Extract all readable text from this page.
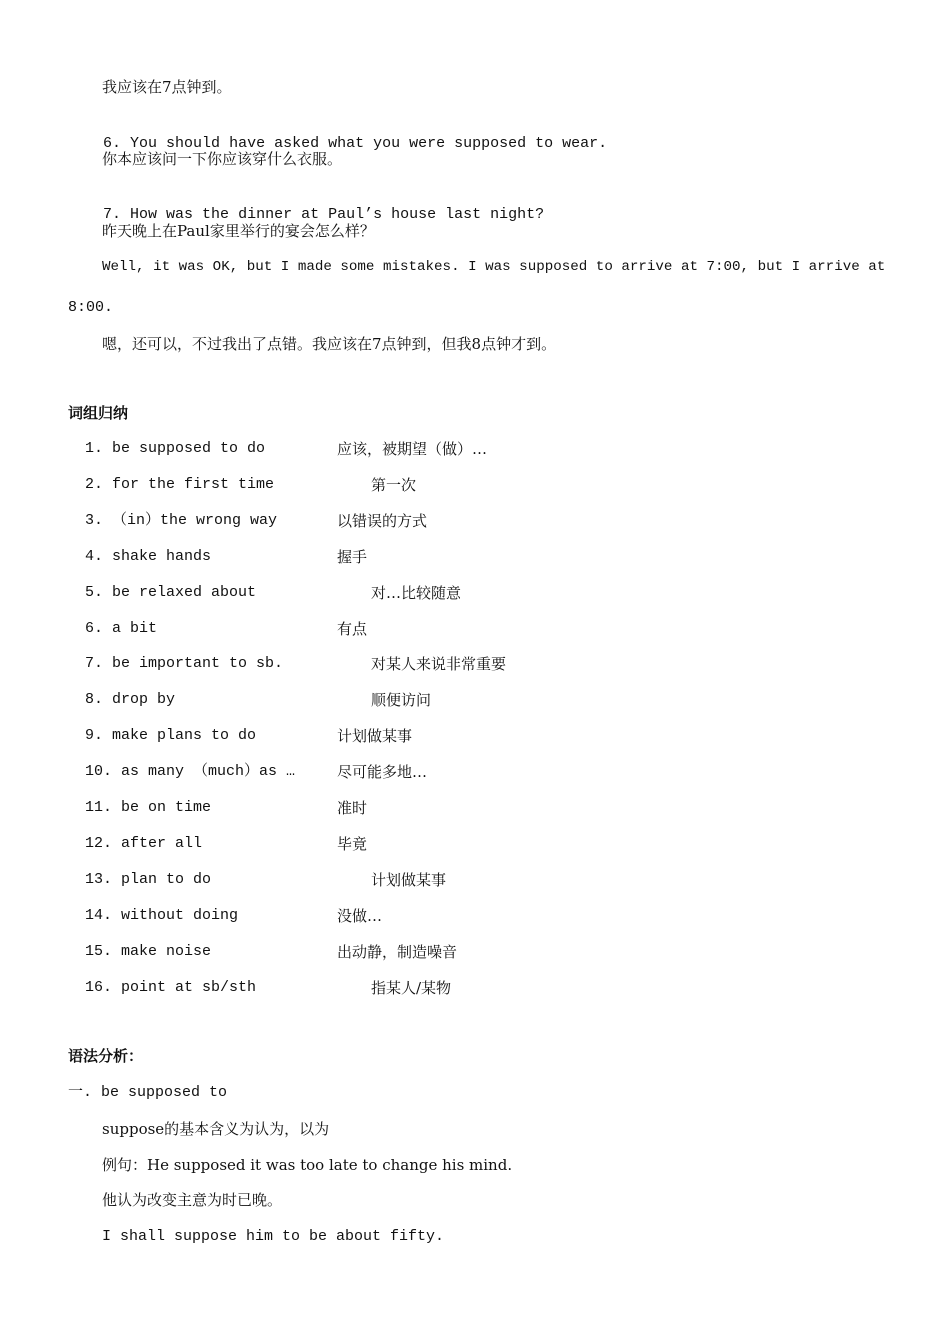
我应该在7点钟到。

6. You should have asked what you were supposed to wear.

你本应该问一下你应该穿什么衣服。

7. How was the dinner at Paul’s house last night?

昨天晚上在Paul家里举行的宴会怎么样？
Well, it was OK, but I made some mistakes. I was supposed to arrive at 7:00, but I arrive at
8:00.
嗯，还可以，不过我出了点错。我应该在7点钟到，但我8点钟才到。
词组归纳
1. be supposed to do	应该，被期望（做）…
2. for the first time	第一次
3. （in）the wrong way	以错误的方式
4. shake hands	握手
5. be relaxed about	对…比较随意
6. a bit	有点
7. be important to sb.	对某人来说非常重要
8. drop by	顺便访问
9. make plans to do	计划做某事
10. as many （much）as …	尽可能多地…
11. be on time	准时
12. after all	毕竟
13. plan to do	计划做某事
14. without doing	没做…
15. make noise	出动静，制造噪音
16. point at sb/sth	指某人/某物
语法分析：
一. be supposed to
suppose的基本含义为认为，以为
例句：He supposed it was too late to change his mind.
他认为改变主意为时已晚。
I shall suppose him to be about fifty.
